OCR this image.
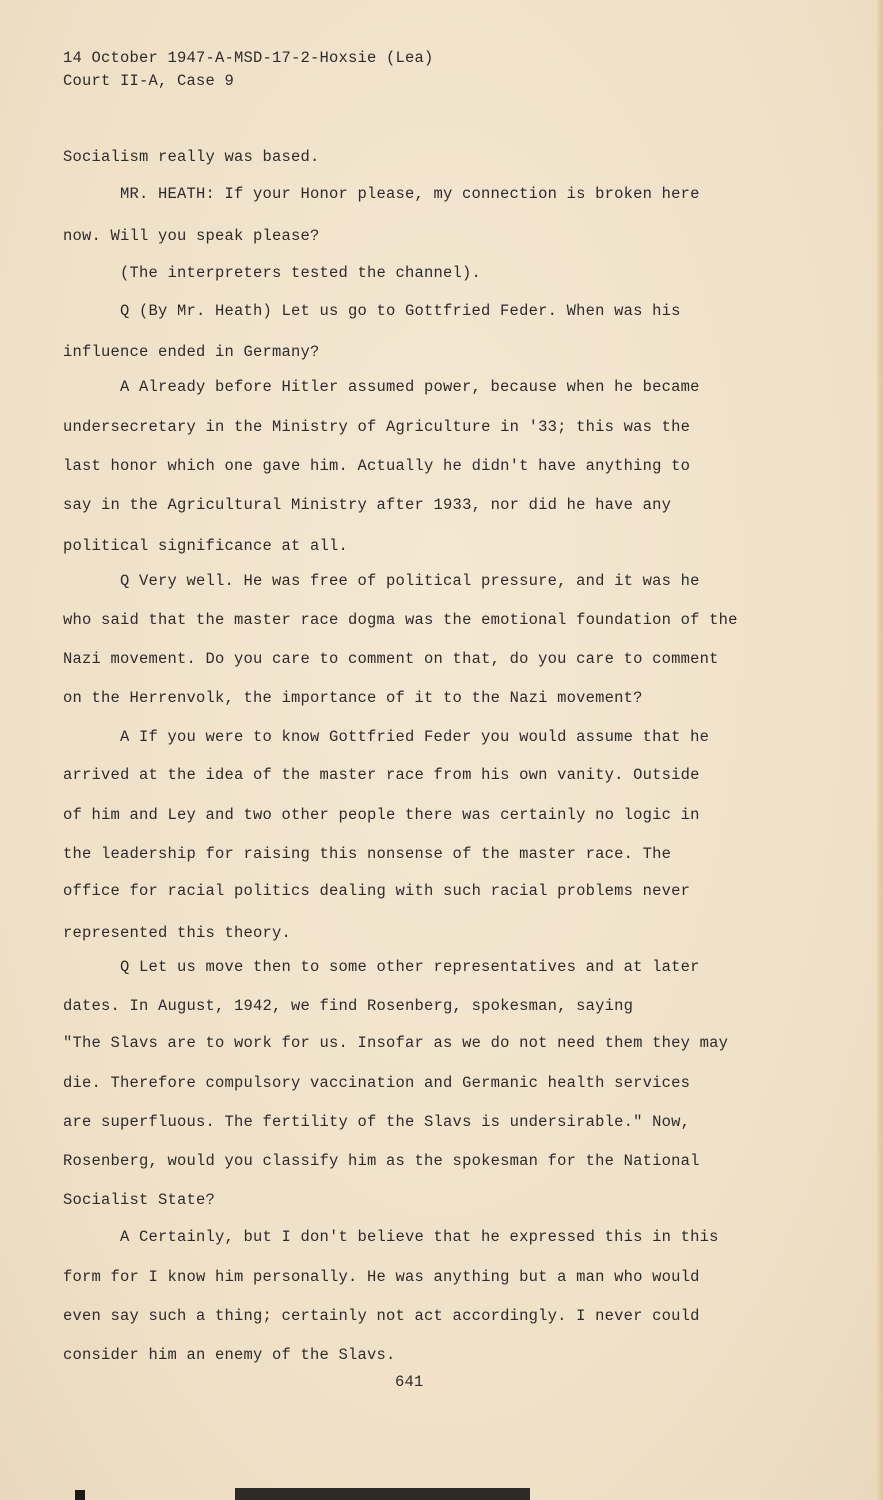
14 October 1947-A-MSD-17-2-Hoxsie (Lea)
Court II-A, Case 9
Socialism really was based.
MR. HEATH: If your Honor please, my connection is broken here
now. Will you speak please?
(The interpreters tested the channel).
Q (By Mr. Heath) Let us go to Gottfried Feder. When was his
influence ended in Germany?
A Already before Hitler assumed power, because when he became
undersecretary in the Ministry of Agriculture in '33; this was the
last honor which one gave him. Actually he didn't have anything to
say in the Agricultural Ministry after 1933, nor did he have any
political significance at all.
Q Very well. He was free of political pressure, and it was he
who said that the master race dogma was the emotional foundation of the
Nazi movement. Do you care to comment on that, do you care to comment
on the Herrenvolk, the importance of it to the Nazi movement?
A If you were to know Gottfried Feder you would assume that he
arrived at the idea of the master race from his own vanity. Outside
of him and Ley and two other people there was certainly no logic in
the leadership for raising this nonsense of the master race. The
office for racial politics dealing with such racial problems never
represented this theory.
Q Let us move then to some other representatives and at later
dates. In August, 1942, we find Rosenberg, spokesman, saying
"The Slavs are to work for us. Insofar as we do not need them they may
die. Therefore compulsory vaccination and Germanic health services
are superfluous. The fertility of the Slavs is undersirable." Now,
Rosenberg, would you classify him as the spokesman for the National
Socialist State?
A Certainly, but I don't believe that he expressed this in this
form for I know him personally. He was anything but a man who would
even say such a thing; certainly not act accordingly. I never could
consider him an enemy of the Slavs.
641
